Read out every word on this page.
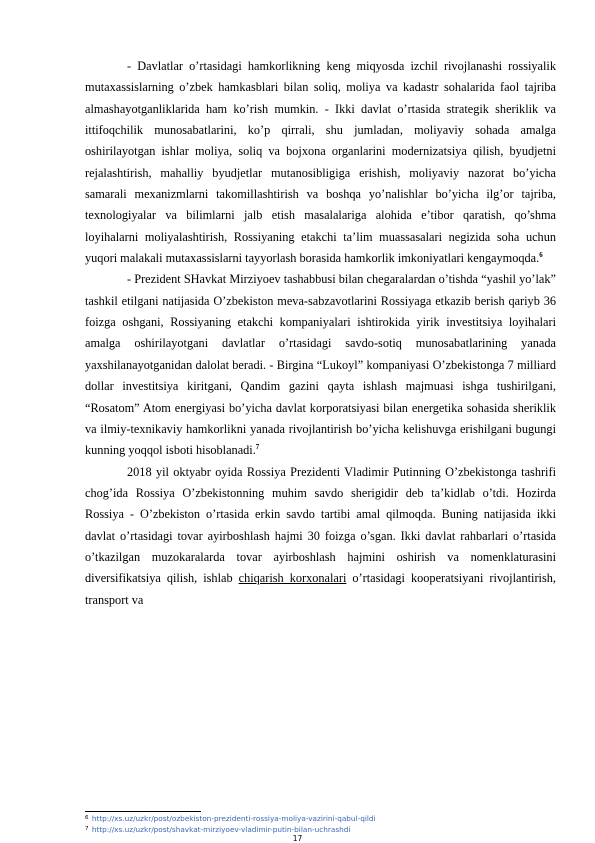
- Davlatlar o’rtasidagi hamkorlikning keng miqyosda izchil rivojlanashi rossiyalik mutaxassislarning o’zbek hamkasblari bilan soliq, moliya va kadastr sohalarida faol tajriba almashayotganliklarida ham ko’rish mumkin. - Ikki davlat o’rtasida strategik sheriklik va ittifoqchilik munosabatlarini, ko’p qirrali, shu jumladan, moliyaviy sohada amalga oshirilayotgan ishlar moliya, soliq va bojxona organlarini modernizatsiya qilish, byudjetni rejalashtirish, mahalliy byudjetlar mutanosibligiga erishish, moliyaviy nazorat bo’yicha samarali mexanizmlarni takomillashtirish va boshqa yo’nalishlar bo’yicha ilg’or tajriba, texnologiyalar va bilimlarni jalb etish masalalariga alohida e’tibor qaratish, qo’shma loyihalarni moliyalashtirish, Rossiyaning etakchi ta’lim muassasalari negizida soha uchun yuqori malakali mutaxassislarni tayyorlash borasida hamkorlik imkoniyatlari kengaymoqda.$^6$

- Prezident SHavkat Mirziyoev tashabbusi bilan chegaralardan o’tishda “yashil yo’lak” tashkil etilgani natijasida O’zbekiston meva-sabzavotlarini Rossiyaga etkazib berish qariyb 36 foizga oshgani, Rossiyaning etakchi kompaniyalari ishtirokida yirik investitsiya loyihalari amalga oshirilayotgani davlatlar o’rtasidagi savdo-sotiq munosabatlarining yanada yaxshilanayotganidan dalolat beradi. - Birgina “Lukoyl” kompaniyasi O’zbekistonga 7 milliard dollar investitsiya kiritgani, Qandim gazini qayta ishlash majmuasi ishga tushirilgani, “Rosatom” Atom energiyasi bo’yicha davlat korporatsiyasi bilan energetika sohasida sheriklik va ilmiy-texnikaviy hamkorlikni yanada rivojlantirish bo’yicha kelishuvga erishilgani bugungi kunning yoqqol isboti hisoblanadi.$^7$

2018 yil oktyabr oyida Rossiya Prezidenti Vladimir Putinning O’zbekistonga tashrifi chog’ida Rossiya O’zbekistonning muhim savdo sherigidir deb ta’kidlab o’tdi. Hozirda Rossiya - O’zbekiston o’rtasida erkin savdo tartibi amal qilmoqda. Buning natijasida ikki davlat o’rtasidagi tovar ayirboshlash hajmi 30 foizga o’sgan. Ikki davlat rahbarlari o’rtasida o’tkazilgan muzokaralarda tovar ayirboshlash hajmini oshirish va nomenklaturasini diversifikatsiya qilish, ishlab chiqarish korxonalari o’rtasidagi kooperatsiyani rivojlantirish, transport va

$^6$ http://xs.uz/uzkr/post/ozbekiston-prezidenti-rossiya-moliya-vazirini-qabul-qildi
$^7$ http://xs.uz/uzkr/post/shavkat-mirziyoev-vladimir-putin-bilan-uchrashdi
17
